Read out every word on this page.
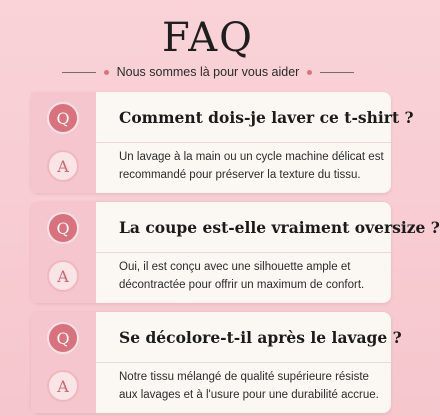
FAQ
Nous sommes là pour vous aider
Q
A
Comment dois-je laver ce t-shirt ?
Un lavage à la main ou un cycle machine délicat est recommandé pour préserver la texture du tissu.
Q
A
La coupe est-elle vraiment oversize ?
Oui, il est conçu avec une silhouette ample et décontractée pour offrir un maximum de confort.
Q
A
Se décolore-t-il après le lavage ?
Notre tissu mélangé de qualité supérieure résiste aux lavages et à l'usure pour une durabilité accrue.
